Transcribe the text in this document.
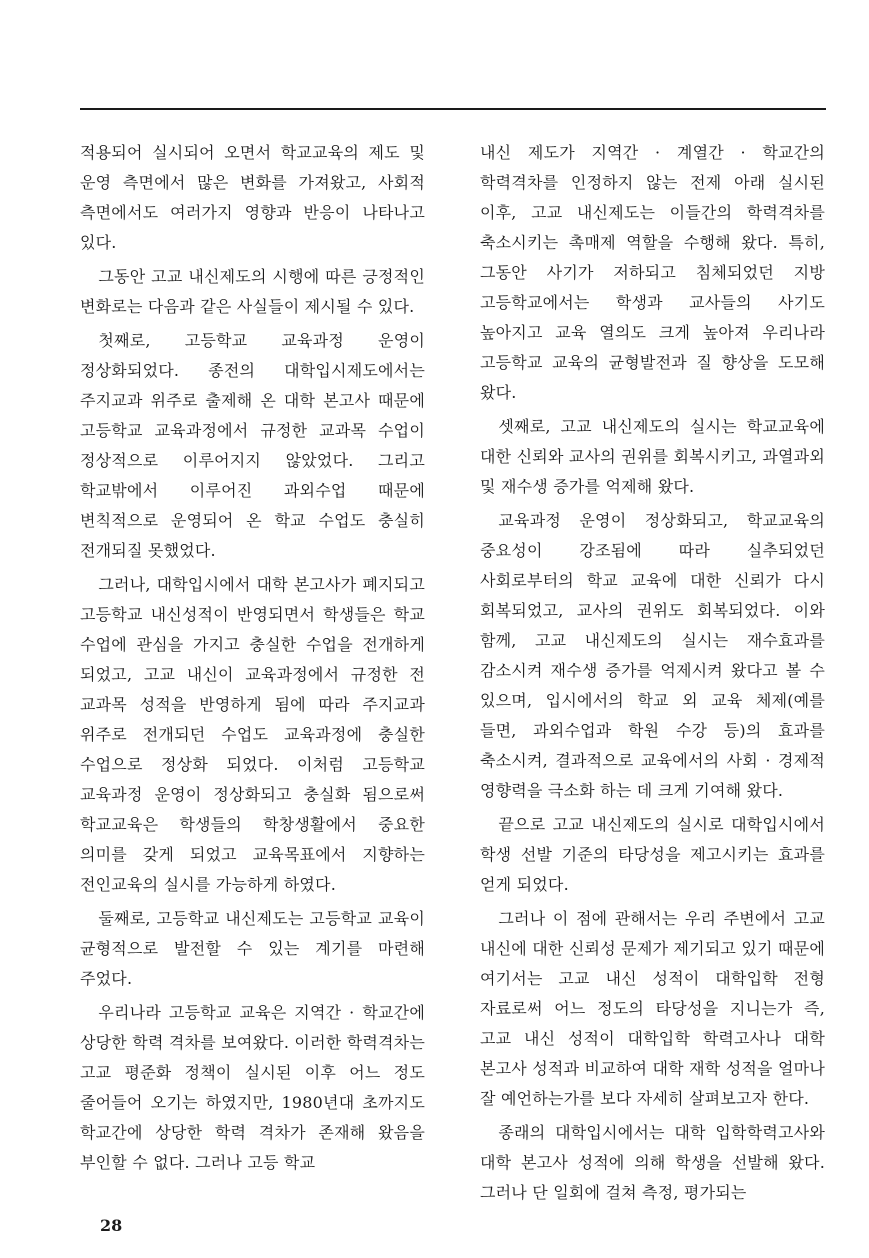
적용되어 실시되어 오면서 학교교육의 제도 및 운영 측면에서 많은 변화를 가져왔고, 사회적 측면에서도 여러가지 영향과 반응이 나타나고 있다.

그동안 고교 내신제도의 시행에 따른 긍정적인 변화로는 다음과 같은 사실들이 제시될 수 있다.

첫째로, 고등학교 교육과정 운영이 정상화되었다. 종전의 대학입시제도에서는 주지교과 위주로 출제해 온 대학 본고사 때문에 고등학교 교육과정에서 규정한 교과목 수업이 정상적으로 이루어지지 않았었다. 그리고 학교밖에서 이루어진 과외수업 때문에 변칙적으로 운영되어 온 학교 수업도 충실히 전개되질 못했었다.

그러나, 대학입시에서 대학 본고사가 폐지되고 고등학교 내신성적이 반영되면서 학생들은 학교 수업에 관심을 가지고 충실한 수업을 전개하게 되었고, 고교 내신이 교육과정에서 규정한 전 교과목 성적을 반영하게 됨에 따라 주지교과 위주로 전개되던 수업도 교육과정에 충실한 수업으로 정상화 되었다. 이처럼 고등학교 교육과정 운영이 정상화되고 충실화 됨으로써 학교교육은 학생들의 학창생활에서 중요한 의미를 갖게 되었고 교육목표에서 지향하는 전인교육의 실시를 가능하게 하였다.

둘째로, 고등학교 내신제도는 고등학교 교육이 균형적으로 발전할 수 있는 계기를 마련해 주었다.

우리나라 고등학교 교육은 지역간 · 학교간에 상당한 학력 격차를 보여왔다. 이러한 학력격차는 고교 평준화 정책이 실시된 이후 어느 정도 줄어들어 오기는 하였지만, 1980년대 초까지도 학교간에 상당한 학력 격차가 존재해 왔음을 부인할 수 없다. 그러나 고등 학교

내신 제도가 지역간 · 계열간 · 학교간의 학력격차를 인정하지 않는 전제 아래 실시된 이후, 고교 내신제도는 이들간의 학력격차를 축소시키는 촉매제 역할을 수행해 왔다. 특히, 그동안 사기가 저하되고 침체되었던 지방 고등학교에서는 학생과 교사들의 사기도 높아지고 교육 열의도 크게 높아져 우리나라 고등학교 교육의 균형발전과 질 향상을 도모해 왔다.

셋째로, 고교 내신제도의 실시는 학교교육에 대한 신뢰와 교사의 권위를 회복시키고, 과열과외 및 재수생 증가를 억제해 왔다.

교육과정 운영이 정상화되고, 학교교육의 중요성이 강조됨에 따라 실추되었던 사회로부터의 학교 교육에 대한 신뢰가 다시 회복되었고, 교사의 권위도 회복되었다. 이와 함께, 고교 내신제도의 실시는 재수효과를 감소시켜 재수생 증가를 억제시켜 왔다고 볼 수 있으며, 입시에서의 학교 외 교육 체제(예를 들면, 과외수업과 학원 수강 등)의 효과를 축소시켜, 결과적으로 교육에서의 사회 · 경제적 영향력을 극소화 하는 데 크게 기여해 왔다.

끝으로 고교 내신제도의 실시로 대학입시에서 학생 선발 기준의 타당성을 제고시키는 효과를 얻게 되었다.

그러나 이 점에 관해서는 우리 주변에서 고교 내신에 대한 신뢰성 문제가 제기되고 있기 때문에 여기서는 고교 내신 성적이 대학입학 전형 자료로써 어느 정도의 타당성을 지니는가 즉, 고교 내신 성적이 대학입학 학력고사나 대학 본고사 성적과 비교하여 대학 재학 성적을 얼마나 잘 예언하는가를 보다 자세히 살펴보고자 한다.

종래의 대학입시에서는 대학 입학학력고사와 대학 본고사 성적에 의해 학생을 선발해 왔다. 그러나 단 일회에 걸쳐 측정, 평가되는

28
